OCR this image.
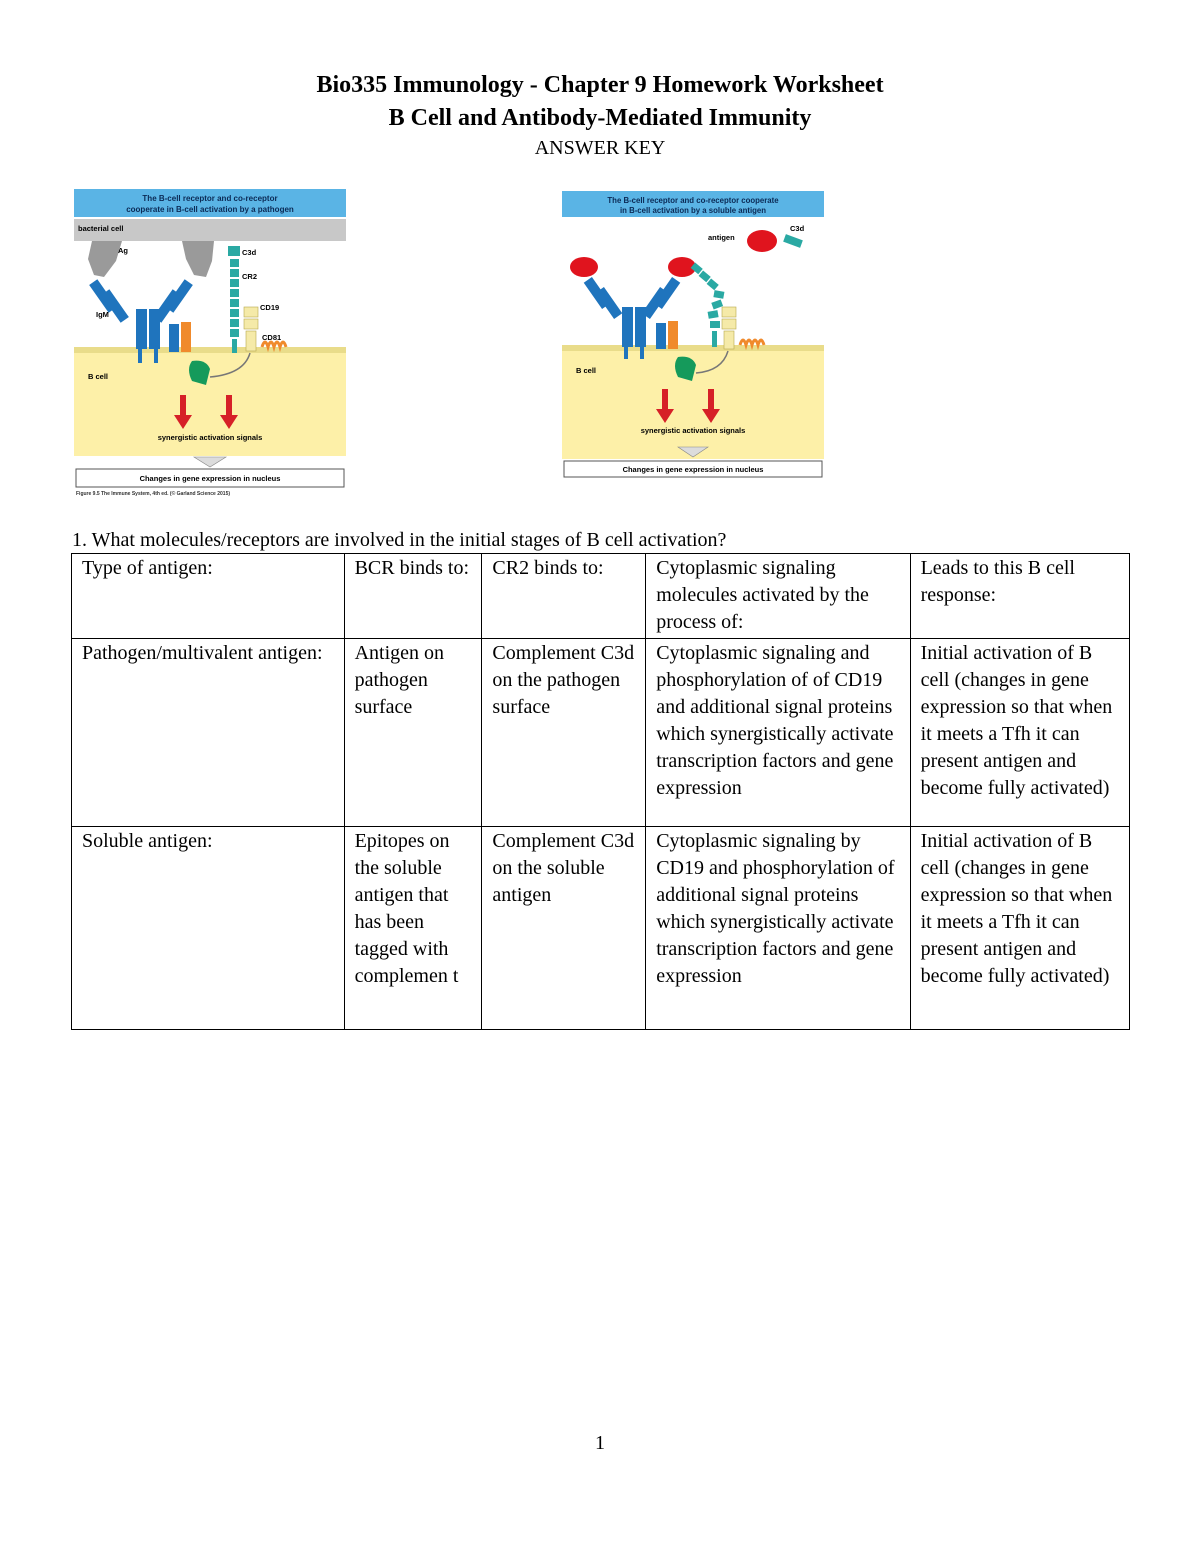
Bio335 Immunology - Chapter 9 Homework Worksheet
B Cell and Antibody-Mediated Immunity
ANSWER KEY
The B-cell receptor and co-receptor
cooperate in B-cell activation by a pathogen
bacterial cell
Ag
B cell
IgM
C3d
CR2
CD19
CD81
synergistic activation signals
Changes in gene expression in nucleus
Figure 9.5 The Immune System, 4th ed. (© Garland Science 2015)
The B-cell receptor and co-receptor cooperate
in B-cell activation by a soluble antigen
antigen
C3d
B cell
synergistic activation signals
Changes in gene expression in nucleus
1. What molecules/receptors are involved in the initial stages of B cell activation?
Type of antigen:	BCR binds to:	CR2 binds to:	Cytoplasmic signaling molecules activated by the process of:	Leads to this B cell response:
Pathogen/multivalent antigen:	Antigen on pathogen surface	Complement C3d on the pathogen surface	Cytoplasmic signaling and phosphorylation of of CD19 and additional signal proteins which synergistically activate transcription factors and gene expression	Initial activation of B cell (changes in gene expression so that when it meets a Tfh it can present antigen and become fully activated)
Soluble antigen:	Epitopes on the soluble antigen that has been tagged with complemen t	Complement C3d on the soluble antigen	Cytoplasmic signaling by CD19 and phosphorylation of additional signal proteins which synergistically activate transcription factors and gene expression	Initial activation of B cell (changes in gene expression so that when it meets a Tfh it can present antigen and become fully activated)
1
